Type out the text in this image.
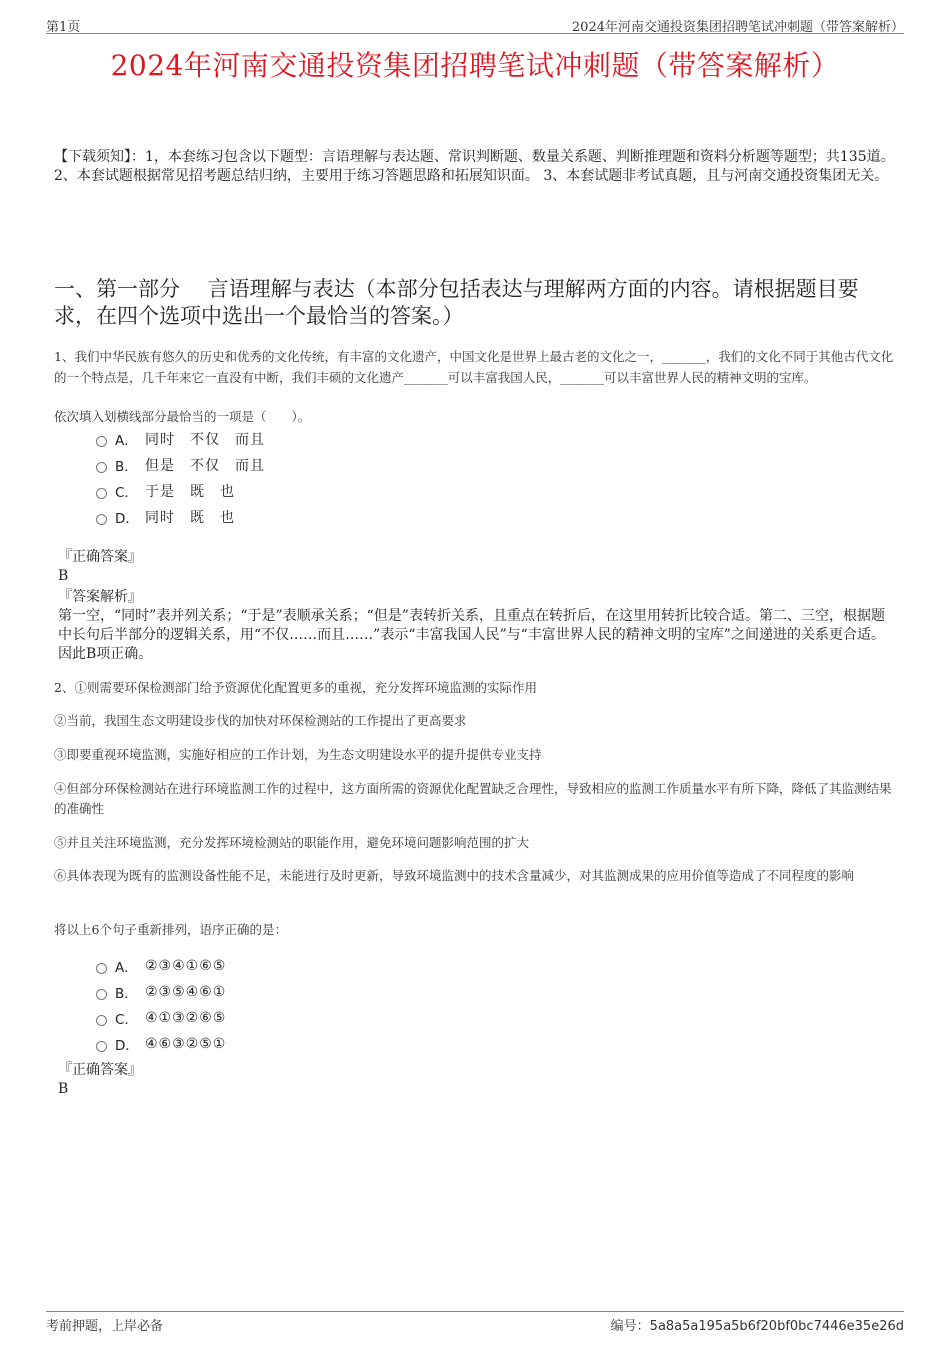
第1页	2024年河南交通投资集团招聘笔试冲刺题（带答案解析）
2024年河南交通投资集团招聘笔试冲刺题（带答案解析）
【下载须知】：1，本套练习包含以下题型：言语理解与表达题、常识判断题、数量关系题、判断推理题和资料分析题等题型；共135道。 2、本套试题根据常见招考题总结归纳，主要用于练习答题思路和拓展知识面。 3、本套试题非考试真题，且与河南交通投资集团无关。
一、第一部分　 言语理解与表达（本部分包括表达与理解两方面的内容。请根据题目要求，在四个选项中选出一个最恰当的答案。）
1、我们中华民族有悠久的历史和优秀的文化传统，有丰富的文化遗产，中国文化是世界上最古老的文化之一，_______，我们的文化不同于其他古代文化的一个特点是，几千年来它一直没有中断，我们丰硕的文化遗产_______可以丰富我国人民，_______可以丰富世界人民的精神文明的宝库。
依次填入划横线部分最恰当的一项是（　　）。
A． 同时　不仅　而且
B． 但是　不仅　而且
C． 于是　既　也
D． 同时　既　也
『正确答案』
B
『答案解析』
第一空，“同时”表并列关系；“于是”表顺承关系；“但是”表转折关系，且重点在转折后，在这里用转折比较合适。第二、三空，根据题中长句后半部分的逻辑关系，用“不仅……而且……”表示“丰富我国人民”与“丰富世界人民的精神文明的宝库”之间递进的关系更合适。因此B项正确。
2、①则需要环保检测部门给予资源优化配置更多的重视，充分发挥环境监测的实际作用
②当前，我国生态文明建设步伐的加快对环保检测站的工作提出了更高要求
③即要重视环境监测，实施好相应的工作计划，为生态文明建设水平的提升提供专业支持
④但部分环保检测站在进行环境监测工作的过程中，这方面所需的资源优化配置缺乏合理性，导致相应的监测工作质量水平有所下降，降低了其监测结果的准确性
⑤并且关注环境监测，充分发挥环境检测站的职能作用，避免环境问题影响范围的扩大
⑥具体表现为既有的监测设备性能不足，未能进行及时更新，导致环境监测中的技术含量减少，对其监测成果的应用价值等造成了不同程度的影响
将以上6个句子重新排列，语序正确的是：
A． ②③④①⑥⑤
B． ②③⑤④⑥①
C． ④①③②⑥⑤
D． ④⑥③②⑤①
『正确答案』
B
考前押题，上岸必备	编号：5a8a5a195a5b6f20bf0bc7446e35e26d
